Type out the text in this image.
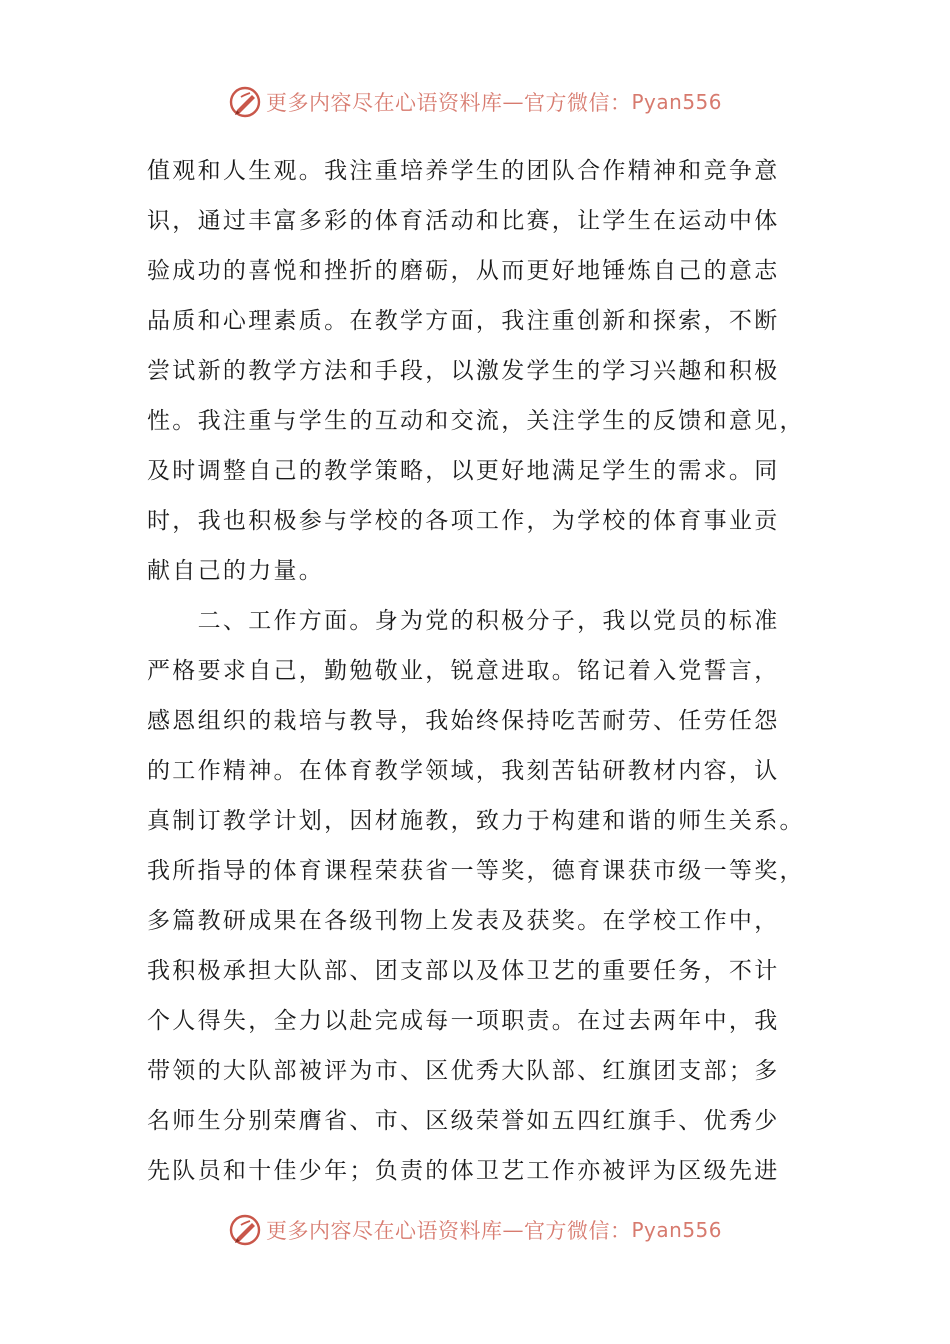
更多内容尽在心语资料库 — 官方微信： Pyan556
值观和人生观。我注重培养学生的团队合作精神和竞争意
识，通过丰富多彩的体育活动和比赛，让学生在运动中体
验成功的喜悦和挫折的磨砺，从而更好地锤炼自己的意志
品质和心理素质。在教学方面，我注重创新和探索，不断
尝试新的教学方法和手段，以激发学生的学习兴趣和积极
性。我注重与学生的互动和交流，关注学生的反馈和意见，
及时调整自己的教学策略，以更好地满足学生的需求。同
时，我也积极参与学校的各项工作，为学校的体育事业贡
献自己的力量。
　　二、工作方面。身为党的积极分子，我以党员的标准
严格要求自己，勤勉敬业，锐意进取。铭记着入党誓言，
感恩组织的栽培与教导，我始终保持吃苦耐劳、任劳任怨
的工作精神。在体育教学领域，我刻苦钻研教材内容，认
真制订教学计划，因材施教，致力于构建和谐的师生关系。
我所指导的体育课程荣获省一等奖，德育课获市级一等奖，
多篇教研成果在各级刊物上发表及获奖。在学校工作中，
我积极承担大队部、团支部以及体卫艺的重要任务，不计
个人得失，全力以赴完成每一项职责。在过去两年中，我
带领的大队部被评为市、区优秀大队部、红旗团支部；多
名师生分别荣膺省、市、区级荣誉如五四红旗手、优秀少
先队员和十佳少年；负责的体卫艺工作亦被评为区级先进
更多内容尽在心语资料库 — 官方微信： Pyan556
